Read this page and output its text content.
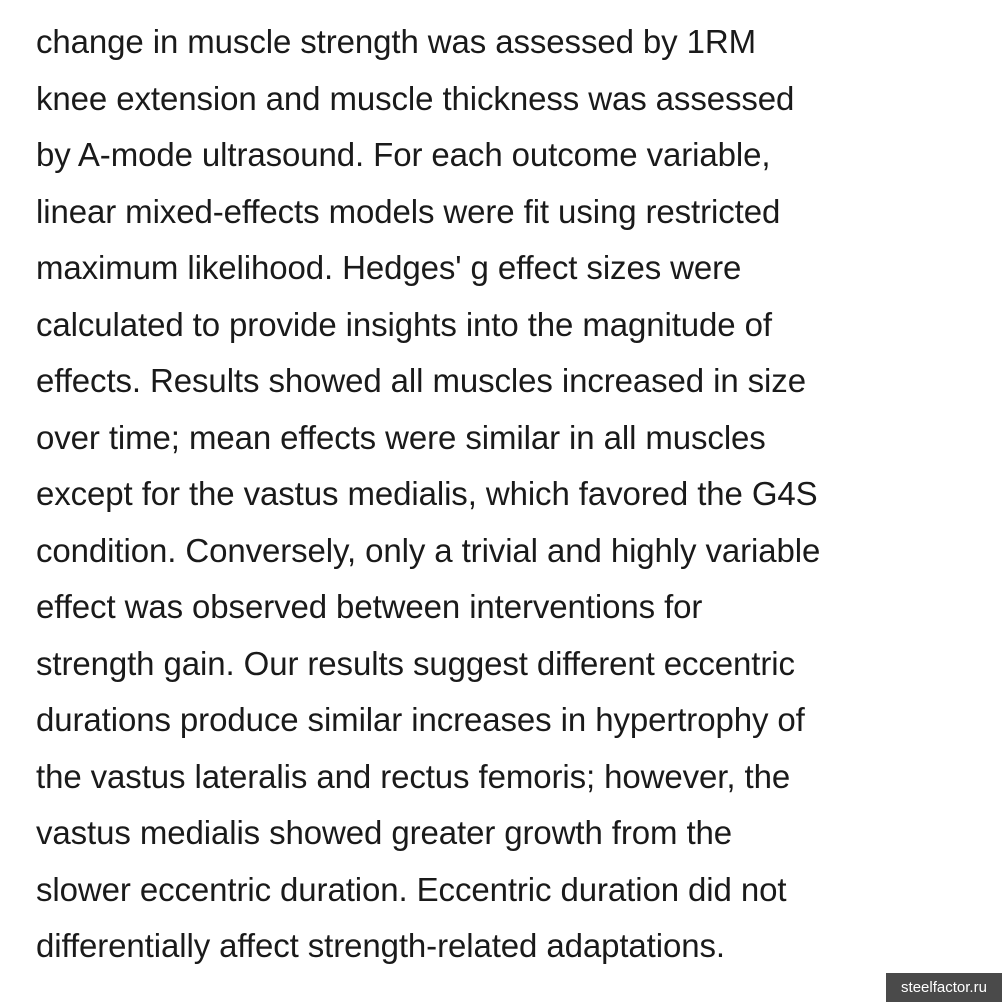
change in muscle strength was assessed by 1RM
knee extension and muscle thickness was assessed
by A-mode ultrasound. For each outcome variable,
linear mixed-effects models were fit using restricted
maximum likelihood. Hedges' g effect sizes were
calculated to provide insights into the magnitude of
effects. Results showed all muscles increased in size
over time; mean effects were similar in all muscles
except for the vastus medialis, which favored the G4S
condition. Conversely, only a trivial and highly variable
effect was observed between interventions for
strength gain. Our results suggest different eccentric
durations produce similar increases in hypertrophy of
the vastus lateralis and rectus femoris; however, the
vastus medialis showed greater growth from the
slower eccentric duration. Eccentric duration did not
differentially affect strength-related adaptations.
steelfactor.ru
